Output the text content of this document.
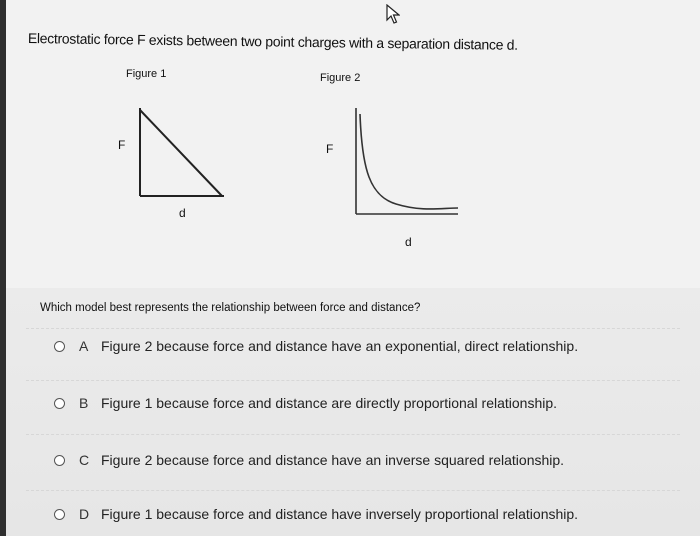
Electrostatic force F exists between two point charges with a separation distance d.
Figure 1
F
d
Figure 2
F
d
Which model best represents the relationship between force and distance?
A Figure 2 because force and distance have an exponential, direct relationship.
B Figure 1 because force and distance are directly proportional relationship.
C Figure 2 because force and distance have an inverse squared relationship.
D Figure 1 because force and distance have inversely proportional relationship.
